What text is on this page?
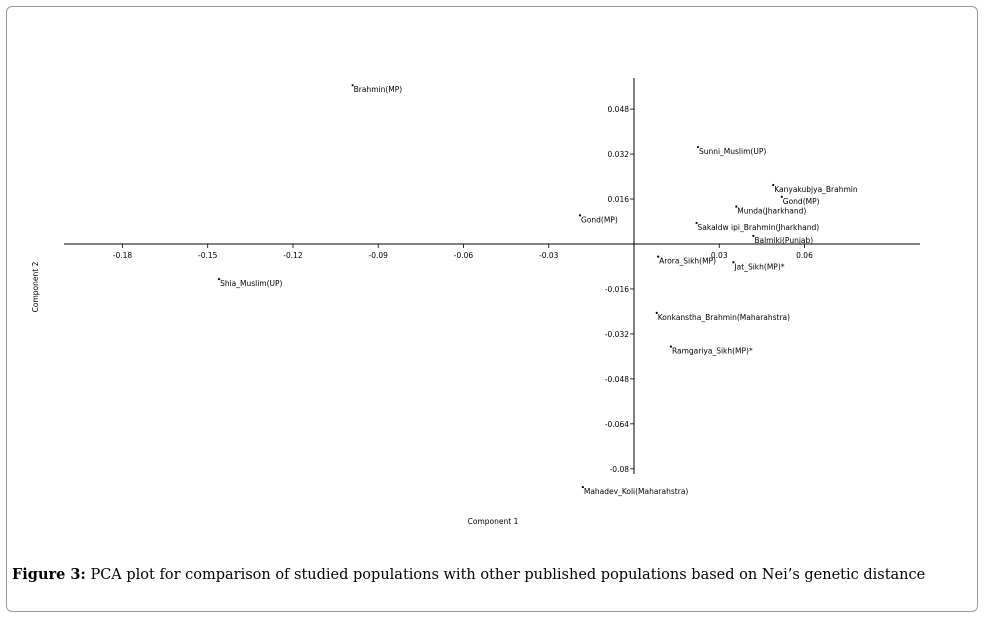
-0.18	-0.15	-0.12	-0.09	-0.06	-0.03	0.03	0.06
0.048
0.032
0.016
-0.016
-0.032
-0.048
-0.064
-0.08
Brahmin(MP)
Sunni_Muslim(UP)
Kanyakubjya_Brahmin
Gond(MP)
Munda(Jharkhand)
Gond(MP)
Sakaldw ipi_Brahmin(Jharkhand)
Balmiki(Punjab)
Arora_Sikh(MP)
Jat_Sikh(MP)*
Shia_Muslim(UP)
Konkanstha_Brahmin(Maharahstra)
Ramgariya_Sikh(MP)*
Mahadev_Koli(Maharahstra)
Component 1
Component 2
Figure 3: PCA plot for comparison of studied populations with other published populations based on Nei’s genetic distance
